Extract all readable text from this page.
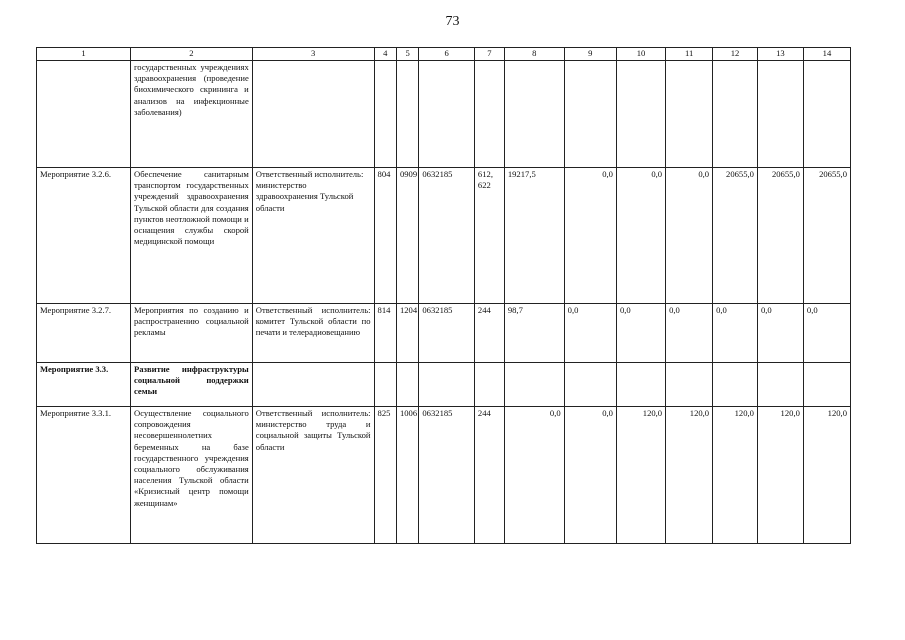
73
1	2	3	4	5	6	7	8	9	10	11	12	13	14
	государственных учреждениях здравоохранения (проведение биохимического скрининга и анализов на инфекционные заболевания)												
Мероприятие 3.2.6.	Обеспечение санитарным транспортом государственных учреждений здравоохранения Тульской области для создания пунктов неотложной помощи и оснащения службы скорой медицинской помощи	Ответственный исполнитель: министерство здравоохранения Тульской области	804	0909	0632185	612, 622	19217,5	0,0	0,0	0,0	20655,0	20655,0	20655,0
Мероприятие 3.2.7.	Мероприятия по созданию и распространению социальной рекламы	Ответственный исполнитель: комитет Тульской области по печати и телерадиовещанию	814	1204	0632185	244	98,7	0,0	0,0	0,0	0,0	0,0	0,0
Мероприятие 3.3.	Развитие инфраструктуры социальной поддержки семьи												
Мероприятие 3.3.1.	Осуществление социального сопровождения несовершеннолетних беременных на базе государственного учреждения социального обслуживания населения Тульской области «Кризисный центр помощи женщинам»	Ответственный исполнитель: министерство труда и социальной защиты Тульской области	825	1006	0632185	244	0,0	0,0	120,0	120,0	120,0	120,0	120,0
